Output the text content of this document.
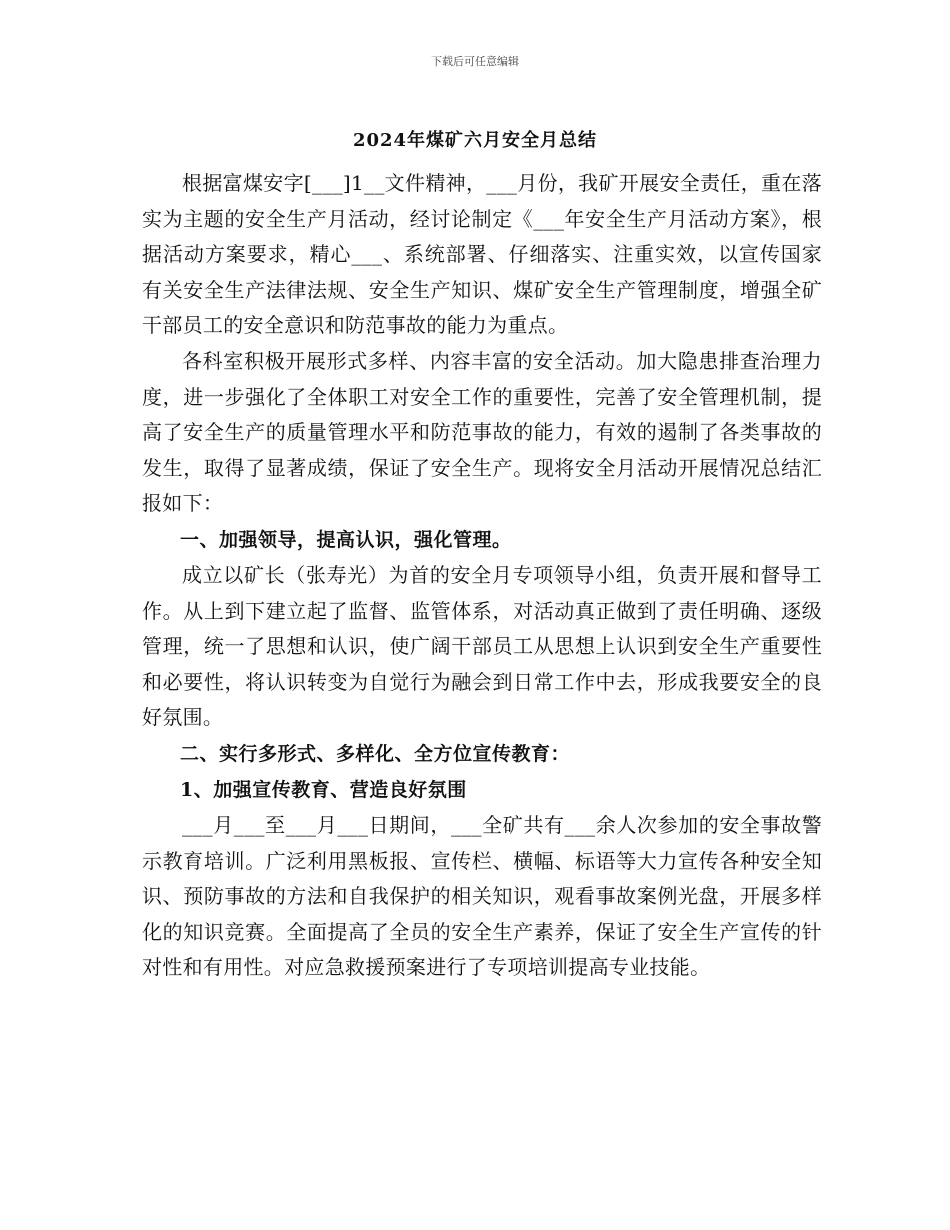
下载后可任意编辑
2024年煤矿六月安全月总结

根据富煤安字[___]1__文件精神，___月份，我矿开展安全责任，重在落实为主题的安全生产月活动，经讨论制定《___年安全生产月活动方案》，根据活动方案要求，精心___、系统部署、仔细落实、注重实效，以宣传国家有关安全生产法律法规、安全生产知识、煤矿安全生产管理制度，增强全矿干部员工的安全意识和防范事故的能力为重点。

各科室积极开展形式多样、内容丰富的安全活动。加大隐患排查治理力度，进一步强化了全体职工对安全工作的重要性，完善了安全管理机制，提高了安全生产的质量管理水平和防范事故的能力，有效的遏制了各类事故的发生，取得了显著成绩，保证了安全生产。现将安全月活动开展情况总结汇报如下：

一、加强领导，提高认识，强化管理。

成立以矿长（张寿光）为首的安全月专项领导小组，负责开展和督导工作。从上到下建立起了监督、监管体系，对活动真正做到了责任明确、逐级管理，统一了思想和认识，使广阔干部员工从思想上认识到安全生产重要性和必要性，将认识转变为自觉行为融会到日常工作中去，形成我要安全的良好氛围。

二、实行多形式、多样化、全方位宣传教育：

1、加强宣传教育、营造良好氛围

___月___至___月___日期间，___全矿共有___余人次参加的安全事故警示教育培训。广泛利用黑板报、宣传栏、横幅、标语等大力宣传各种安全知识、预防事故的方法和自我保护的相关知识，观看事故案例光盘，开展多样化的知识竞赛。全面提高了全员的安全生产素养，保证了安全生产宣传的针对性和有用性。对应急救援预案进行了专项培训提高专业技能。
